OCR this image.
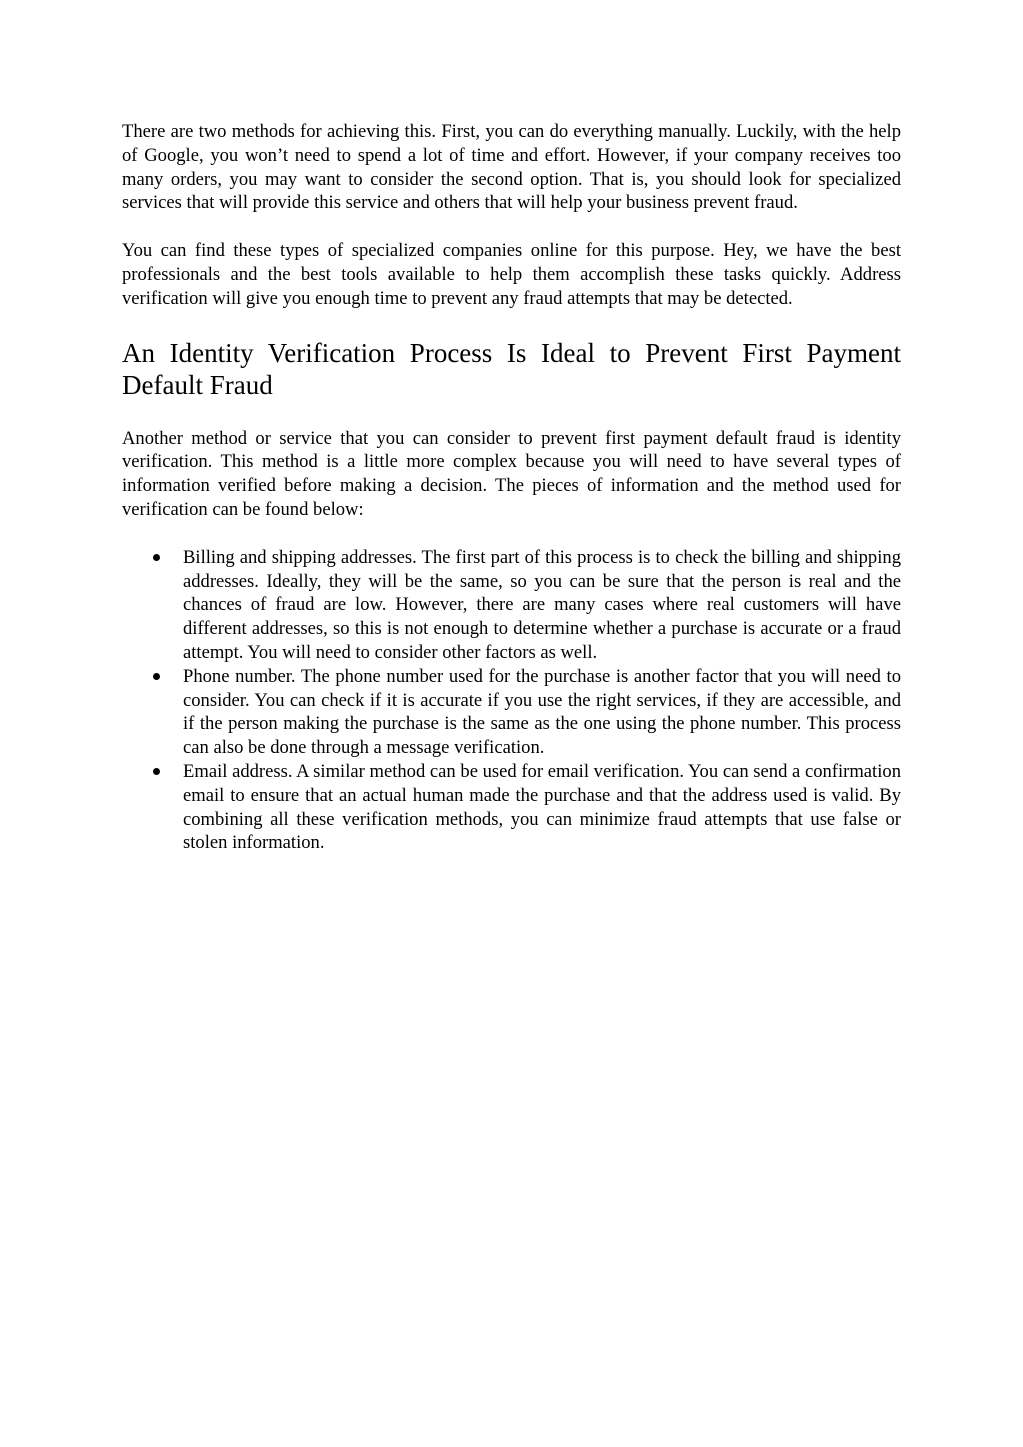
There are two methods for achieving this. First, you can do everything manually. Luckily, with the help of Google, you won’t need to spend a lot of time and effort. However, if your company receives too many orders, you may want to consider the second option. That is, you should look for specialized services that will provide this service and others that will help your business prevent fraud.

You can find these types of specialized companies online for this purpose. Hey, we have the best professionals and the best tools available to help them accomplish these tasks quickly. Address verification will give you enough time to prevent any fraud attempts that may be detected.

An Identity Verification Process Is Ideal to Prevent First Payment Default Fraud

Another method or service that you can consider to prevent first payment default fraud is identity verification. This method is a little more complex because you will need to have several types of information verified before making a decision. The pieces of information and the method used for verification can be found below:

Billing and shipping addresses. The first part of this process is to check the billing and shipping addresses. Ideally, they will be the same, so you can be sure that the person is real and the chances of fraud are low. However, there are many cases where real customers will have different addresses, so this is not enough to determine whether a purchase is accurate or a fraud attempt. You will need to consider other factors as well.
Phone number. The phone number used for the purchase is another factor that you will need to consider. You can check if it is accurate if you use the right services, if they are accessible, and if the person making the purchase is the same as the one using the phone number. This process can also be done through a message verification.
Email address. A similar method can be used for email verification. You can send a confirmation email to ensure that an actual human made the purchase and that the address used is valid. By combining all these verification methods, you can minimize fraud attempts that use false or stolen information.
